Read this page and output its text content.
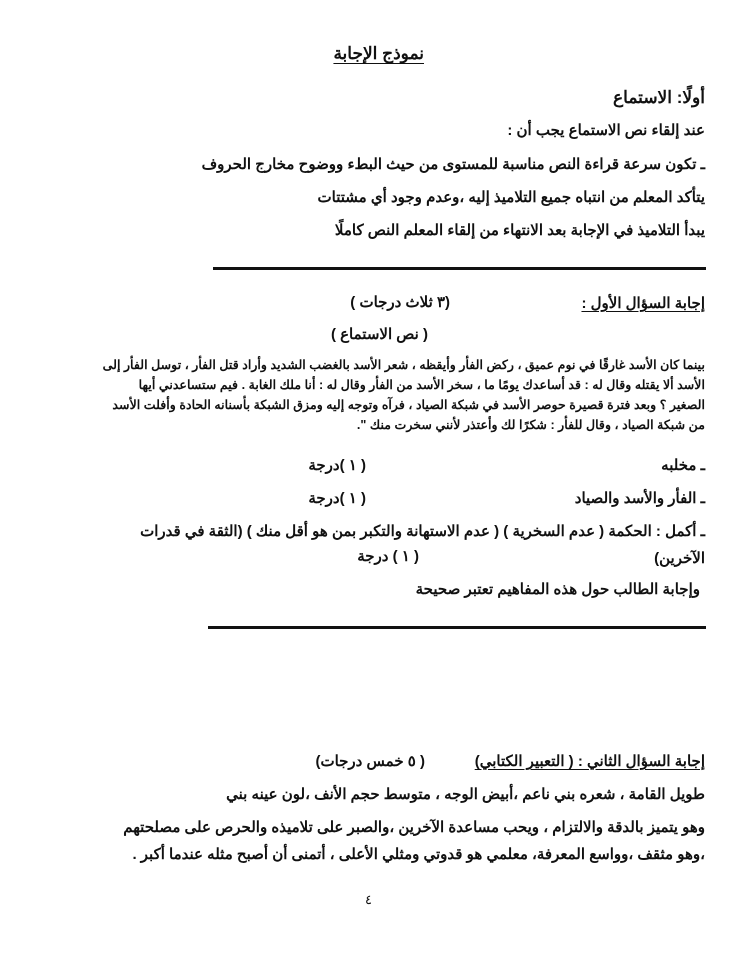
نموذج الإجابة
أولًا: الاستماع
عند إلقاء نص الاستماع يجب أن :
ـ تكون سرعة قراءة النص مناسبة للمستوى من حيث البطء ووضوح مخارج الحروف
يتأكد المعلم من انتباه جميع التلاميذ إليه ،وعدم وجود أي مشتتات
يبدأ التلاميذ في الإجابة بعد الانتهاء من إلقاء المعلم النص كاملًا
إجابة السؤال الأول :
(٣ ثلاث درجات )
( نص الاستماع )
بينما كان الأسد غارقًا في نوم عميق ، ركض الفأر وأيقظه ، شعر الأسد بالغضب الشديد وأراد قتل الفأر ، توسل الفأر إلى
الأسد ألا يقتله وقال له : قد أساعدك يومًا ما ، سخر الأسد من الفأر وقال له : أنا ملك الغابة . فيم ستساعدني أيها
الصغير ؟ وبعد فترة قصيرة حوصر الأسد في شبكة الصياد ، فرآه وتوجه إليه ومزق الشبكة بأسنانه الحادة وأفلت الأسد
من شبكة الصياد ، وقال للفأر : شكرًا لك وأعتذر لأنني سخرت منك ".
ـ مخلبه
( ١ )درجة
ـ الفأر والأسد والصياد
( ١ )درجة
ـ أكمل : الحكمة ( عدم السخرية ) ( عدم الاستهانة والتكبر بمن هو أقل منك ) (الثقة في قدرات
الآخرين)
( ١ ) درجة
وإجابة الطالب حول هذه المفاهيم تعتبر صحيحة
إجابة السؤال الثاني : ( التعبير الكتابي)
( ٥ خمس درجات)
طويل القامة ، شعره بني ناعم ،أبيض الوجه ، متوسط حجم الأنف ،لون عينه بني
وهو يتميز بالدقة والالتزام ، ويحب مساعدة الآخرين ،والصبر على تلاميذه والحرص على مصلحتهم
،وهو مثقف ،وواسع المعرفة، معلمي هو قدوتي ومثلي الأعلى ، أتمنى أن أصبح مثله عندما أكبر .
٤
